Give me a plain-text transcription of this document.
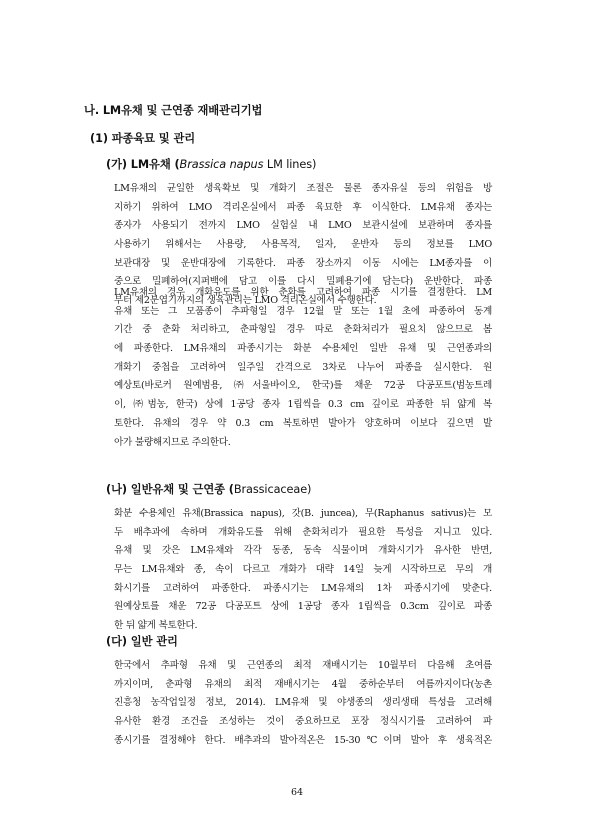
나. LM유채 및 근연종 재배관리기법
(1) 파종육묘 및 관리
(가) LM유채 (Brassica napus LM lines)
LM유채의 균일한 생육확보 및 개화기 조절은 물론 종자유실 등의 위험을 방
지하기 위하여 LMO 격리온실에서 파종 육묘한 후 이식한다. LM유채 종자는
종자가 사용되기 전까지 LMO 실험실 내 LMO 보관시설에 보관하며 종자를
사용하기 위해서는 사용량, 사용목적, 일자, 운반자 등의 정보를 LMO
보관대장 및 운반대장에 기록한다. 파종 장소까지 이동 시에는 LM종자를 이
중으로 밀폐하여(지퍼백에 담고 이를 다시 밀폐용기에 담는다) 운반한다. 파종
부터 제2분엽기까지의 생육관리는 LMO 격리온실에서 수행한다.
LM유채의 경우 개화유도를 위한 춘화를 고려하여 파종 시기를 결정한다. LM
유채 또는 그 모품종이 추파형일 경우 12월 말 또는 1월 초에 파종하여 동계
기간 중 춘화 처리하고, 춘파형일 경우 따로 춘화처리가 필요치 않으므로 봄
에 파종한다. LM유채의 파종시기는 화분 수용체인 일반 유채 및 근연종과의
개화기 중첩을 고려하여 일주일 간격으로 3차로 나누어 파종을 실시한다. 원
예상토(바로커 원예범용, ㈜서울바이오, 한국)를 채운 72공 다공포트(범농트레
이, ㈜범농, 한국) 상에 1공당 종자 1립씩을 0.3 cm 깊이로 파종한 뒤 얇게 복
토한다. 유채의 경우 약 0.3 cm 복토하면 발아가 양호하며 이보다 깊으면 발
아가 불량해지므로 주의한다.
(나) 일반유채 및 근연종 (Brassicaceae)
화분 수용체인 유채(Brassica napus), 갓(B. juncea), 무(Raphanus sativus)는 모
두 배추과에 속하며 개화유도를 위해 춘화처리가 필요한 특성을 지니고 있다.
유채 및 갓은 LM유채와 각각 동종, 동속 식물이며 개화시기가 유사한 반면,
무는 LM유채와 종, 속이 다르고 개화가 대략 14일 늦게 시작하므로 무의 개
화시기를 고려하여 파종한다. 파종시기는 LM유채의 1차 파종시기에 맞춘다.
원예상토를 채운 72공 다공포트 상에 1공당 종자 1립씩을 0.3cm 깊이로 파종
한 뒤 얇게 복토한다.
(다) 일반 관리
한국에서 추파형 유채 및 근연종의 최적 재배시기는 10월부터 다음해 초여름
까지이며, 춘파형 유채의 최적 재배시기는 4월 중하순부터 여름까지이다(농촌
진흥청 농작업일정 정보, 2014). LM유채 및 야생종의 생리생태 특성을 고려해
유사한 환경 조건을 조성하는 것이 중요하므로 포장 정식시기를 고려하여 파
종시기를 결정해야 한다. 배추과의 발아적온은 15-30℃이며 발아 후 생육적온
64
